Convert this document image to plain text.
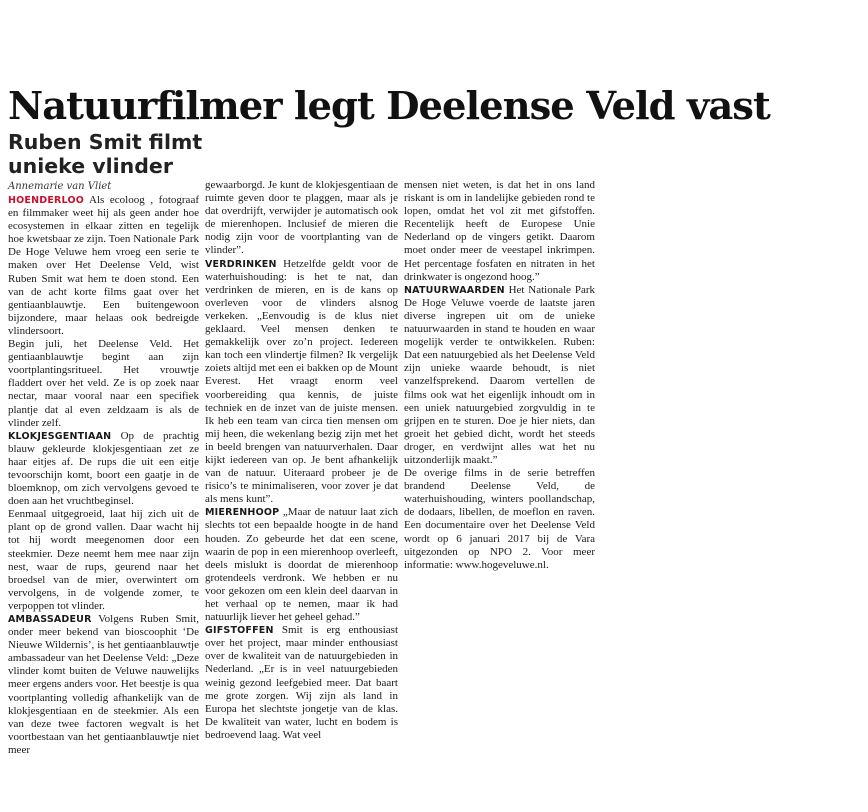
Natuurfilmer legt Deelense Veld vast
Ruben Smit filmt unieke vlinder
Annemarie van Vliet

HOENDERLOO Als ecoloog , fotograaf en filmmaker weet hij als geen ander hoe ecosystemen in elkaar zitten en tegelijk hoe kwetsbaar ze zijn. Toen Nationale Park De Hoge Veluwe hem vroeg een serie te maken over Het Deelense Veld, wist Ruben Smit wat hem te doen stond. Een van de acht korte films gaat over het gentiaanblauwtje. Een buitengewoon bijzondere, maar helaas ook bedreigde vlindersoort.

Begin juli, het Deelense Veld. Het gentiaanblauwtje begint aan zijn voortplantingsritueel. Het vrouwtje fladdert over het veld. Ze is op zoek naar nectar, maar vooral naar een specifiek plantje dat al even zeldzaam is als de vlinder zelf.

KLOKJESGENTIAAN Op de prachtig blauw gekleurde klokjesgentiaan zet ze haar eitjes af. De rups die uit een eitje tevoorschijn komt, boort een gaatje in de bloemknop, om zich vervolgens gevoed te doen aan het vruchtbeginsel.

Eenmaal uitgegroeid, laat hij zich uit de plant op de grond vallen. Daar wacht hij tot hij wordt meegenomen door een steekmier. Deze neemt hem mee naar zijn nest, waar de rups, geurend naar het broedsel van de mier, overwintert om vervolgens, in de volgende zomer, te verpoppen tot vlinder.

AMBASSADEUR Volgens Ruben Smit, onder meer bekend van bioscoophit ‘De Nieuwe Wildernis’, is het gentiaanblauwtje ambassadeur van het Deelense Veld: „Deze vlinder komt buiten de Veluwe nauwelijks meer ergens anders voor. Het beestje is qua voortplanting volledig afhankelijk van de klokjesgentiaan en de steekmier. Als een van deze twee factoren wegvalt is het voortbestaan van het gentiaanblauwtje niet meer

gewaarborgd. Je kunt de klokjesgentiaan de ruimte geven door te plaggen, maar als je dat overdrijft, verwijder je automatisch ook de mierenhopen. Inclusief de mieren die nodig zijn voor de voortplanting van de vlinder”.

VERDRINKEN Hetzelfde geldt voor de waterhuishouding: is het te nat, dan verdrinken de mieren, en is de kans op overleven voor de vlinders alsnog verkeken. „Eenvoudig is de klus niet geklaard. Veel mensen denken te gemakkelijk over zo’n project. Iedereen kan toch een vlindertje filmen? Ik vergelijk zoiets altijd met een ei bakken op de Mount Everest. Het vraagt enorm veel voorbereiding qua kennis, de juiste techniek en de inzet van de juiste mensen. Ik heb een team van circa tien mensen om mij heen, die wekenlang bezig zijn met het in beeld brengen van natuurverhalen. Daar kijkt iedereen van op. Je bent afhankelijk van de natuur. Uiteraard probeer je de risico’s te minimaliseren, voor zover je dat als mens kunt”.

MIERENHOOP „Maar de natuur laat zich slechts tot een bepaalde hoogte in de hand houden. Zo gebeurde het dat een scene, waarin de pop in een mierenhoop overleeft, deels mislukt is doordat de mierenhoop grotendeels verdronk. We hebben er nu voor gekozen om een klein deel daarvan in het verhaal op te nemen, maar ik had natuurlijk liever het geheel gehad.”

GIFSTOFFEN Smit is erg enthousiast over het project, maar minder enthousiast over de kwaliteit van de natuurgebieden in Nederland. „Er is in veel natuurgebieden weinig gezond leefgebied meer. Dat baart me grote zorgen. Wij zijn als land in Europa het slechtste jongetje van de klas. De kwaliteit van water, lucht en bodem is bedroevend laag. Wat veel

mensen niet weten, is dat het in ons land riskant is om in landelijke gebieden rond te lopen, omdat het vol zit met gifstoffen. Recentelijk heeft de Europese Unie Nederland op de vingers getikt. Daarom moet onder meer de veestapel inkrimpen. Het percentage fosfaten en nitraten in het drinkwater is ongezond hoog.”

NATUURWAARDEN Het Nationale Park De Hoge Veluwe voerde de laatste jaren diverse ingrepen uit om de unieke natuurwaarden in stand te houden en waar mogelijk verder te ontwikkelen. Ruben: Dat een natuurgebied als het Deelense Veld zijn unieke waarde behoudt, is niet vanzelfsprekend. Daarom vertellen de films ook wat het eigenlijk inhoudt om in een uniek natuurgebied zorgvuldig in te grijpen en te sturen. Doe je hier niets, dan groeit het gebied dicht, wordt het steeds droger, en verdwijnt alles wat het nu uitzonderlijk maakt.”

De overige films in de serie betreffen brandend Deelense Veld, de waterhuishouding, winters poollandschap, de dodaars, libellen, de moeflon en raven. Een documentaire over het Deelense Veld wordt op 6 januari 2017 bij de Vara uitgezonden op NPO 2. Voor meer informatie: www.hogeveluwe.nl.
